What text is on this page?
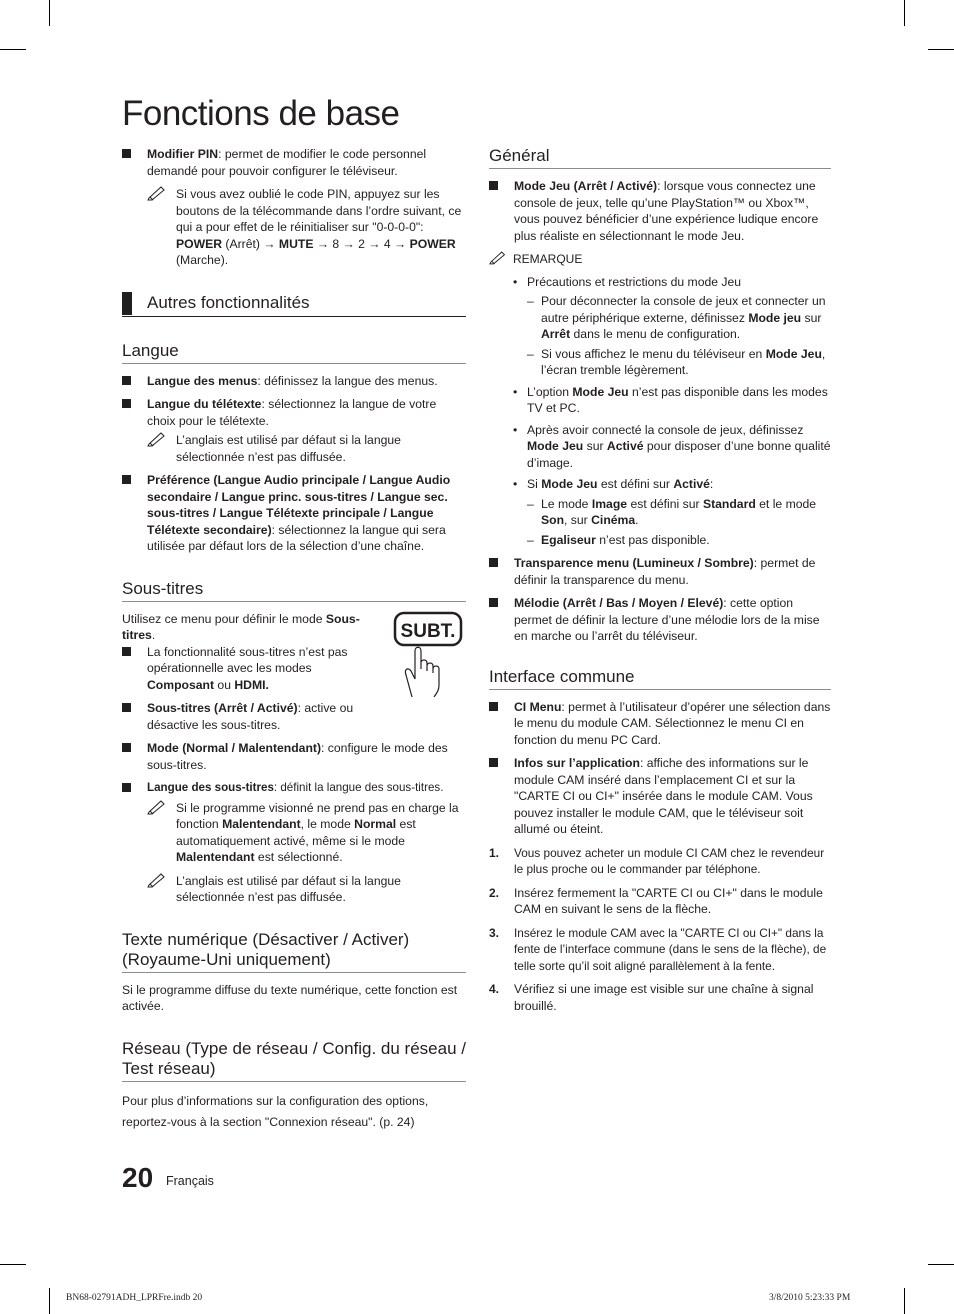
Fonctions de base

Modifier PIN: permet de modifier le code personnel demandé pour pouvoir configurer le téléviseur.

Si vous avez oublié le code PIN, appuyez sur les boutons de la télécommande dans l’ordre suivant, ce qui a pour effet de le réinitialiser sur "0-0-0-0": POWER (Arrêt) → MUTE → 8 → 2 → 4 → POWER (Marche).

Autres fonctionnalités
Langue

Langue des menus: définissez la langue des menus.

Langue du télétexte: sélectionnez la langue de votre choix pour le télétexte.

L’anglais est utilisé par défaut si la langue sélectionnée n’est pas diffusée.

Préférence (Langue Audio principale / Langue Audio secondaire / Langue princ. sous-titres / Langue sec. sous-titres / Langue Télétexte principale / Langue Télétexte secondaire): sélectionnez la langue qui sera utilisée par défaut lors de la sélection d’une chaîne.

Sous-titres
SUBT.

Utilisez ce menu pour définir le mode Sous-titres.

La fonctionnalité sous-titres n’est pas opérationnelle avec les modes Composant ou HDMI.

Sous-titres (Arrêt / Activé): active ou désactive les sous-titres.

Mode (Normal / Malentendant): configure le mode des sous-titres.

Langue des sous-titres: définit la langue des sous-titres.

Si le programme visionné ne prend pas en charge la fonction Malentendant, le mode Normal est automatiquement activé, même si le mode Malentendant est sélectionné.

L’anglais est utilisé par défaut si la langue sélectionnée n’est pas diffusée.

Texte numérique (Désactiver / Activer) (Royaume-Uni uniquement)

Si le programme diffuse du texte numérique, cette fonction est activée.

Réseau (Type de réseau / Config. du réseau / Test réseau)

Pour plus d’informations sur la configuration des options, reportez-vous à la section "Connexion réseau". (p. 24)

Général

Mode Jeu (Arrêt / Activé): lorsque vous connectez une console de jeux, telle qu’une PlayStation™ ou Xbox™, vous pouvez bénéficier d’une expérience ludique encore plus réaliste en sélectionnant le mode Jeu.

REMARQUE
• Précautions et restrictions du mode Jeu

– Pour déconnecter la console de jeux et connecter un autre périphérique externe, définissez Mode jeu sur Arrêt dans le menu de configuration.

– Si vous affichez le menu du téléviseur en Mode Jeu, l’écran tremble légèrement.

• L’option Mode Jeu n’est pas disponible dans les modes TV et PC.

• Après avoir connecté la console de jeux, définissez Mode Jeu sur Activé pour disposer d’une bonne qualité d’image.

• Si Mode Jeu est défini sur Activé:

– Le mode Image est défini sur Standard et le mode Son, sur Cinéma.

– Egaliseur n’est pas disponible.

Transparence menu (Lumineux / Sombre): permet de définir la transparence du menu.

Mélodie (Arrêt / Bas / Moyen / Elevé): cette option permet de définir la lecture d’une mélodie lors de la mise en marche ou l’arrêt du téléviseur.

Interface commune

CI Menu: permet à l’utilisateur d’opérer une sélection dans le menu du module CAM. Sélectionnez le menu CI en fonction du menu PC Card.

Infos sur l’application: affiche des informations sur le module CAM inséré dans l’emplacement CI et sur la "CARTE CI ou CI+" insérée dans le module CAM. Vous pouvez installer le module CAM, que le téléviseur soit allumé ou éteint.

1. Vous pouvez acheter un module CI CAM chez le revendeur le plus proche ou le commander par téléphone.

2. Insérez fermement la "CARTE CI ou CI+" dans le module CAM en suivant le sens de la flèche.

3. Insérez le module CAM avec la "CARTE CI ou CI+" dans la fente de l’interface commune (dans le sens de la flèche), de telle sorte qu’il soit aligné parallèlement à la fente.

4. Vérifiez si une image est visible sur une chaîne à signal brouillé.

20 Français
BN68-02791ADH_LPRFre.indb 20	3/8/2010 5:23:33 PM
